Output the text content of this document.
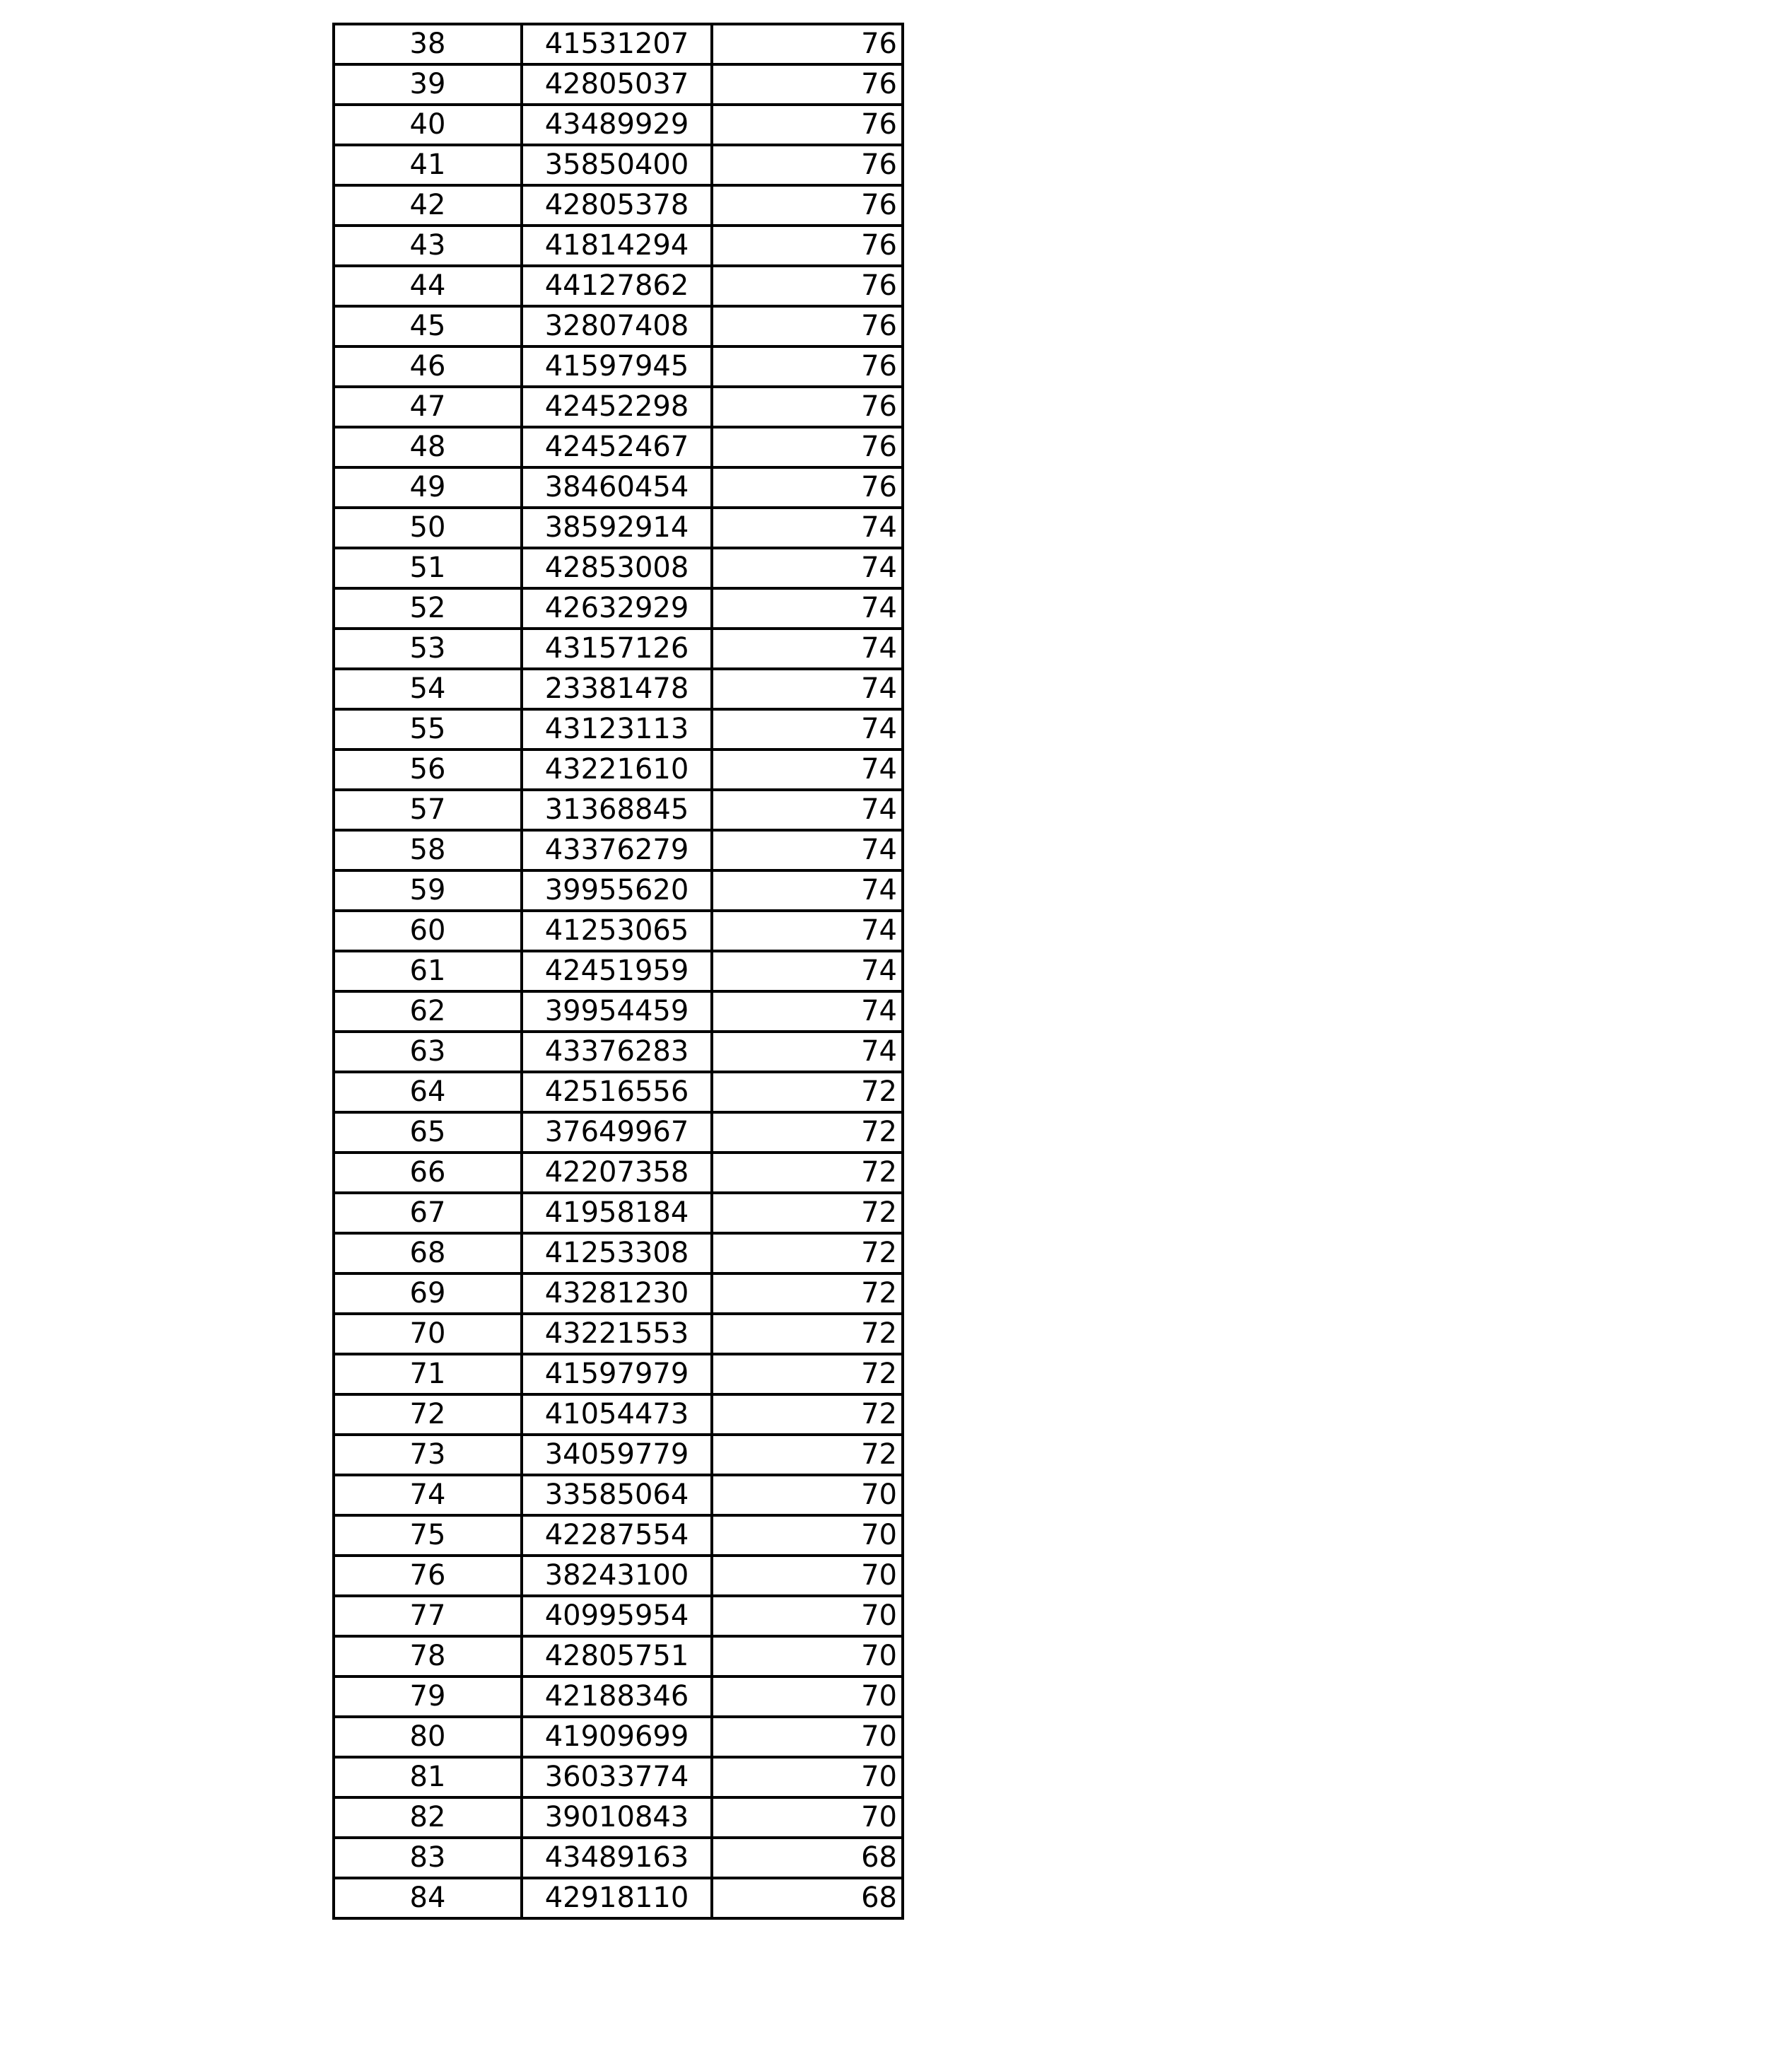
38	41531207	76
39	42805037	76
40	43489929	76
41	35850400	76
42	42805378	76
43	41814294	76
44	44127862	76
45	32807408	76
46	41597945	76
47	42452298	76
48	42452467	76
49	38460454	76
50	38592914	74
51	42853008	74
52	42632929	74
53	43157126	74
54	23381478	74
55	43123113	74
56	43221610	74
57	31368845	74
58	43376279	74
59	39955620	74
60	41253065	74
61	42451959	74
62	39954459	74
63	43376283	74
64	42516556	72
65	37649967	72
66	42207358	72
67	41958184	72
68	41253308	72
69	43281230	72
70	43221553	72
71	41597979	72
72	41054473	72
73	34059779	72
74	33585064	70
75	42287554	70
76	38243100	70
77	40995954	70
78	42805751	70
79	42188346	70
80	41909699	70
81	36033774	70
82	39010843	70
83	43489163	68
84	42918110	68
